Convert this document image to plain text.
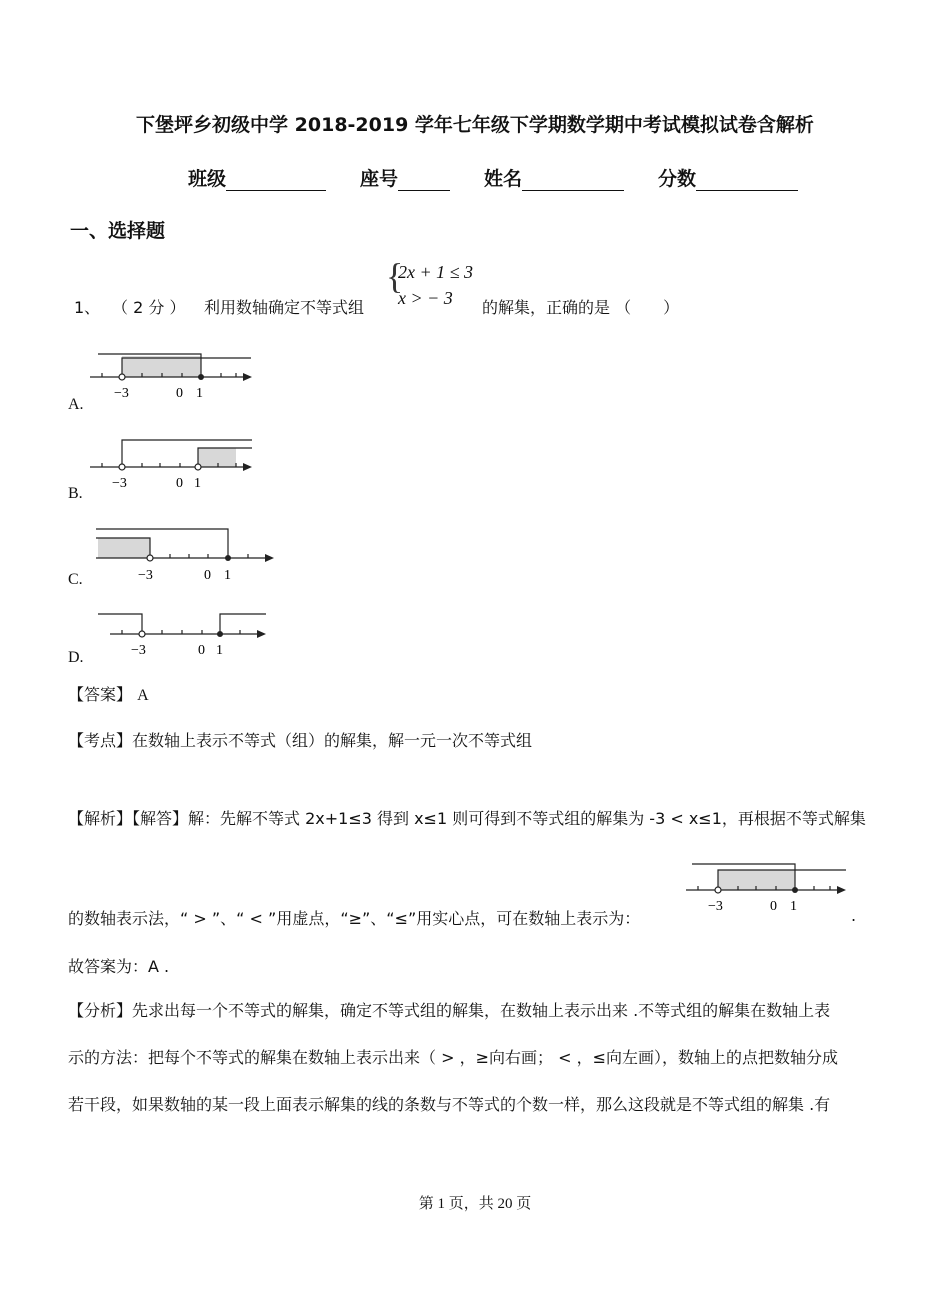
下堡坪乡初级中学 2018-2019 学年七年级下学期数学期中考试模拟试卷含解析
班级	座号	姓名	分数
一、选择题
1、 （ 2 分 ） 利用数轴确定不等式组
{
2x + 1 ≤ 3
x > − 3 的解集，正确的是 （　　）
−3	0 1
A.
−3	0 1
B.
−3	0 1
C.
−3	0 1
D.
【答案】 A
【考点】在数轴上表示不等式（组）的解集，解一元一次不等式组
【解析】【解答】解：先解不等式 2x+1≤3 得到 x≤1 则可得到不等式组的解集为 -3 < x≤1，再根据不等式解集
的数轴表示法，“ > ”、“ < ”用虚点，“≥”、“≤”用实心点，可在数轴上表示为：
−3	0 1	.
故答案为：A .
【分析】先求出每一个不等式的解集，确定不等式组的解集，在数轴上表示出来 .不等式组的解集在数轴上表
示的方法：把每个不等式的解集在数轴上表示出来（ > ，≥向右画； < ，≤向左画），数轴上的点把数轴分成
若干段，如果数轴的某一段上面表示解集的线的条数与不等式的个数一样，那么这段就是不等式组的解集 .有
第 1 页，共 20 页
